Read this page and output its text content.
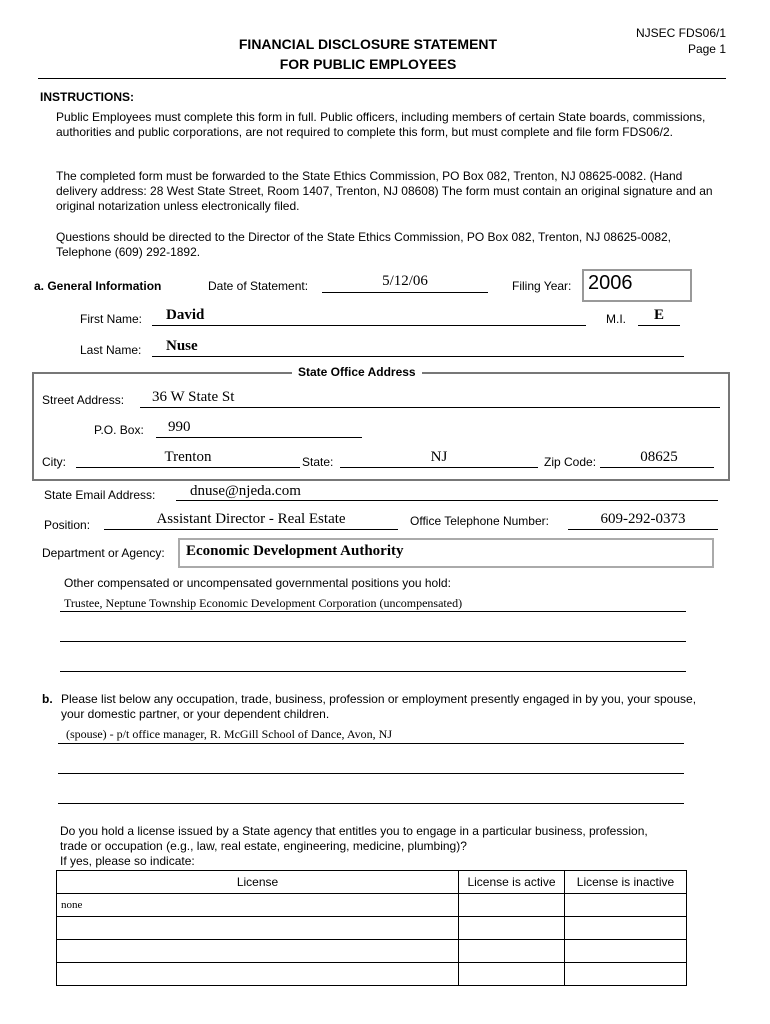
FINANCIAL DISCLOSURE STATEMENT
FOR PUBLIC EMPLOYEES
NJSEC FDS06/1
Page 1
INSTRUCTIONS:
Public Employees must complete this form in full. Public officers, including members of certain State boards, commissions, authorities and public corporations, are not required to complete this form, but must complete and file form FDS06/2.
The completed form must be forwarded to the State Ethics Commission, PO Box 082, Trenton, NJ 08625-0082. (Hand delivery address: 28 West State Street, Room 1407, Trenton, NJ 08608) The form must contain an original signature and an original notarization unless electronically filed.
Questions should be directed to the Director of the State Ethics Commission, PO Box 082, Trenton, NJ 08625-0082, Telephone (609) 292-1892.
a. General Information	Date of Statement:	5/12/06	Filing Year: 2006
First Name: David	M.I.	E
Last Name: Nuse
State Office Address
Street Address: 36 W State St
P.O. Box: 990
City:	Trenton	State:	NJ	Zip Code:	08625
State Email Address: dnuse@njeda.com
Position:	Assistant Director - Real Estate	Office Telephone Number:	609-292-0373
Department or Agency: Economic Development Authority
Other compensated or uncompensated governmental positions you hold:
Trustee, Neptune Township Economic Development Corporation (uncompensated)
b. Please list below any occupation, trade, business, profession or employment presently engaged in by you, your spouse, your domestic partner, or your dependent children.
(spouse) - p/t office manager, R. McGill School of Dance, Avon, NJ
Do you hold a license issued by a State agency that entitles you to engage in a particular business, profession,
trade or occupation (e.g., law, real estate, engineering, medicine, plumbing)?
If yes, please so indicate:
License	License is active	License is inactive
none		
